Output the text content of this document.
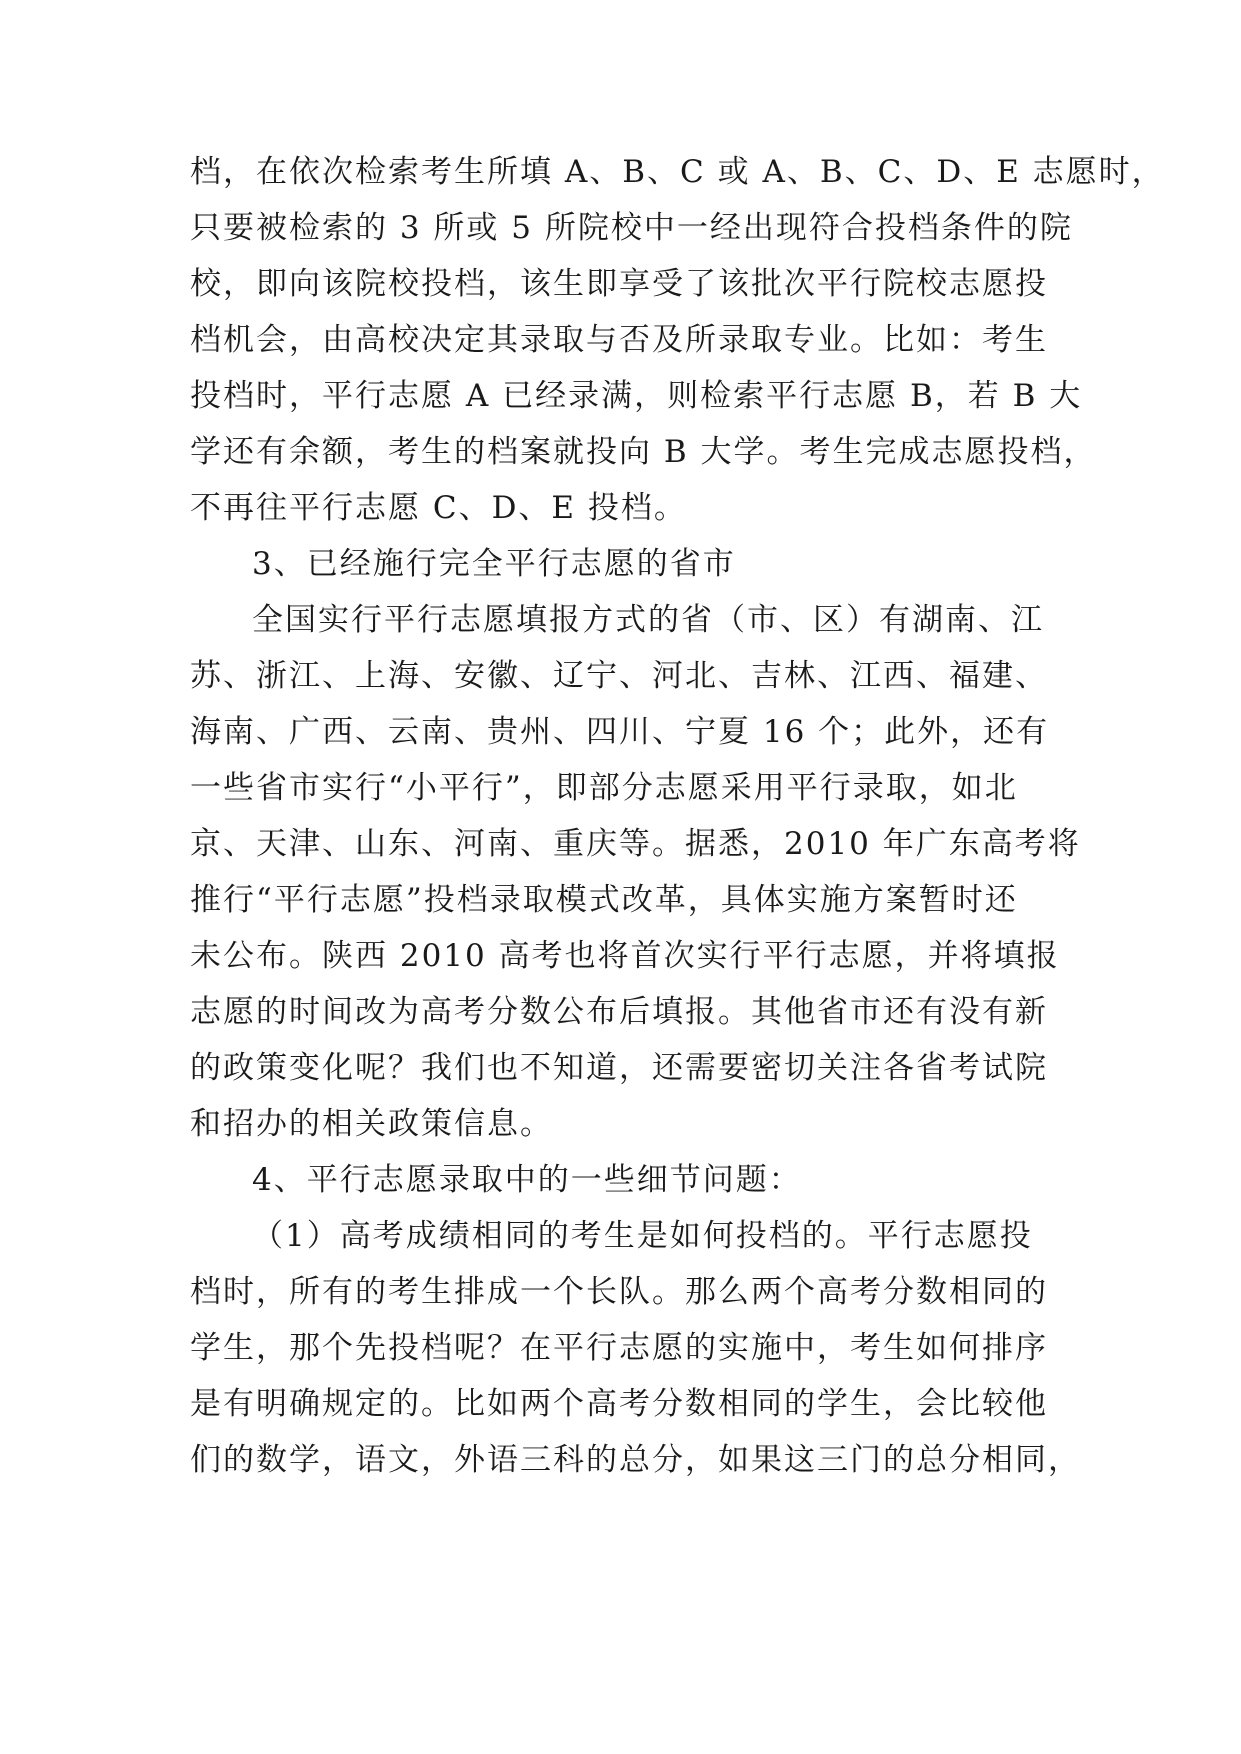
档，在依次检索考生所填 A、B、C 或 A、B、C、D、E 志愿时，
只要被检索的 3 所或 5 所院校中一经出现符合投档条件的院
校，即向该院校投档，该生即享受了该批次平行院校志愿投
档机会，由高校决定其录取与否及所录取专业。比如：考生
投档时，平行志愿 A 已经录满，则检索平行志愿 B，若 B 大
学还有余额，考生的档案就投向 B 大学。考生完成志愿投档，
不再往平行志愿 C、D、E 投档。
3、已经施行完全平行志愿的省市
全国实行平行志愿填报方式的省（市、区）有湖南、江
苏、浙江、上海、安徽、辽宁、河北、吉林、江西、福建、
海南、广西、云南、贵州、四川、宁夏 16 个；此外，还有
一些省市实行“小平行”，即部分志愿采用平行录取，如北
京、天津、山东、河南、重庆等。据悉，2010 年广东高考将
推行“平行志愿”投档录取模式改革，具体实施方案暂时还
未公布。陕西 2010 高考也将首次实行平行志愿，并将填报
志愿的时间改为高考分数公布后填报。其他省市还有没有新
的政策变化呢？我们也不知道，还需要密切关注各省考试院
和招办的相关政策信息。
4、平行志愿录取中的一些细节问题：
（1）高考成绩相同的考生是如何投档的。平行志愿投
档时，所有的考生排成一个长队。那么两个高考分数相同的
学生，那个先投档呢？在平行志愿的实施中，考生如何排序
是有明确规定的。比如两个高考分数相同的学生，会比较他
们的数学，语文，外语三科的总分，如果这三门的总分相同，
